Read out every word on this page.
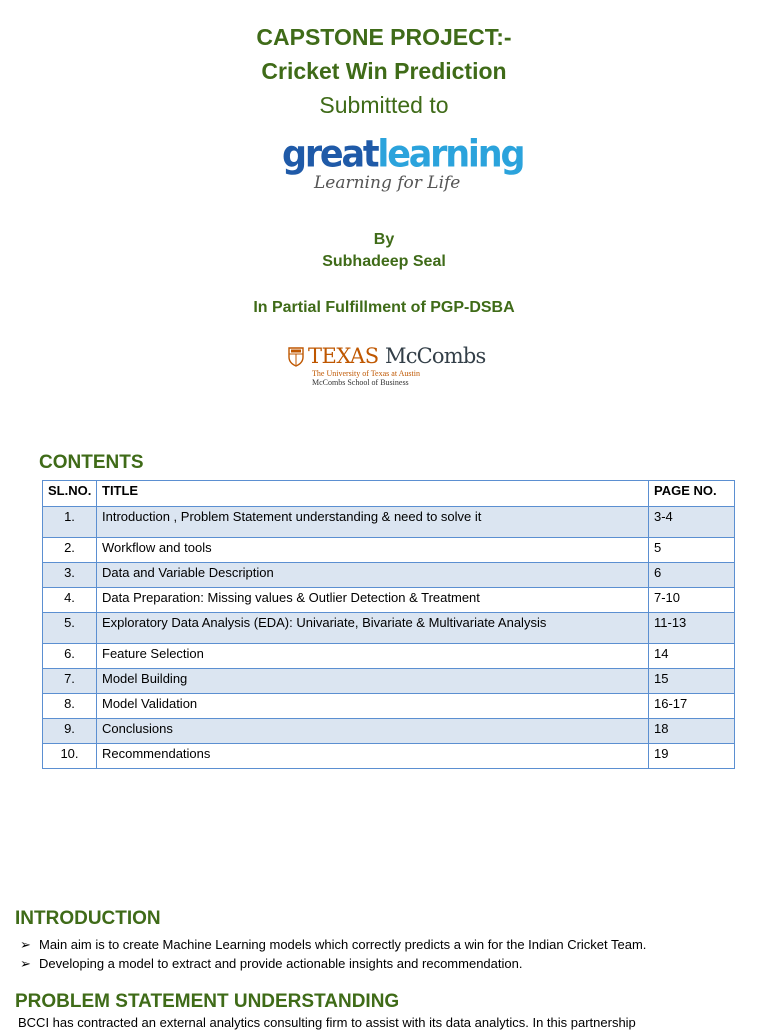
CAPSTONE PROJECT:-
Cricket Win Prediction
Submitted to
greatlearning
Learning for Life
By
Subhadeep Seal
In Partial Fulfillment of PGP-DSBA
TEXAS McCombs
The University of Texas at Austin
McCombs School of Business
CONTENTS
SL.NO.	TITLE	PAGE NO.
1.	Introduction , Problem Statement understanding & need to solve it	3-4
2.	Workflow and tools	5
3.	Data and Variable Description	6
4.	Data Preparation: Missing values & Outlier Detection & Treatment	7-10
5.	Exploratory Data Analysis (EDA): Univariate, Bivariate & Multivariate Analysis	11-13
6.	Feature Selection	14
7.	Model Building	15
8.	Model Validation	16-17
9.	Conclusions	18
10.	Recommendations	19
INTRODUCTION
➢ Main aim is to create Machine Learning models which correctly predicts a win for the Indian Cricket Team.
➢ Developing a model to extract and provide actionable insights and recommendation.
PROBLEM STATEMENT UNDERSTANDING
BCCI has contracted an external analytics consulting firm to assist with its data analytics. In this partnership
